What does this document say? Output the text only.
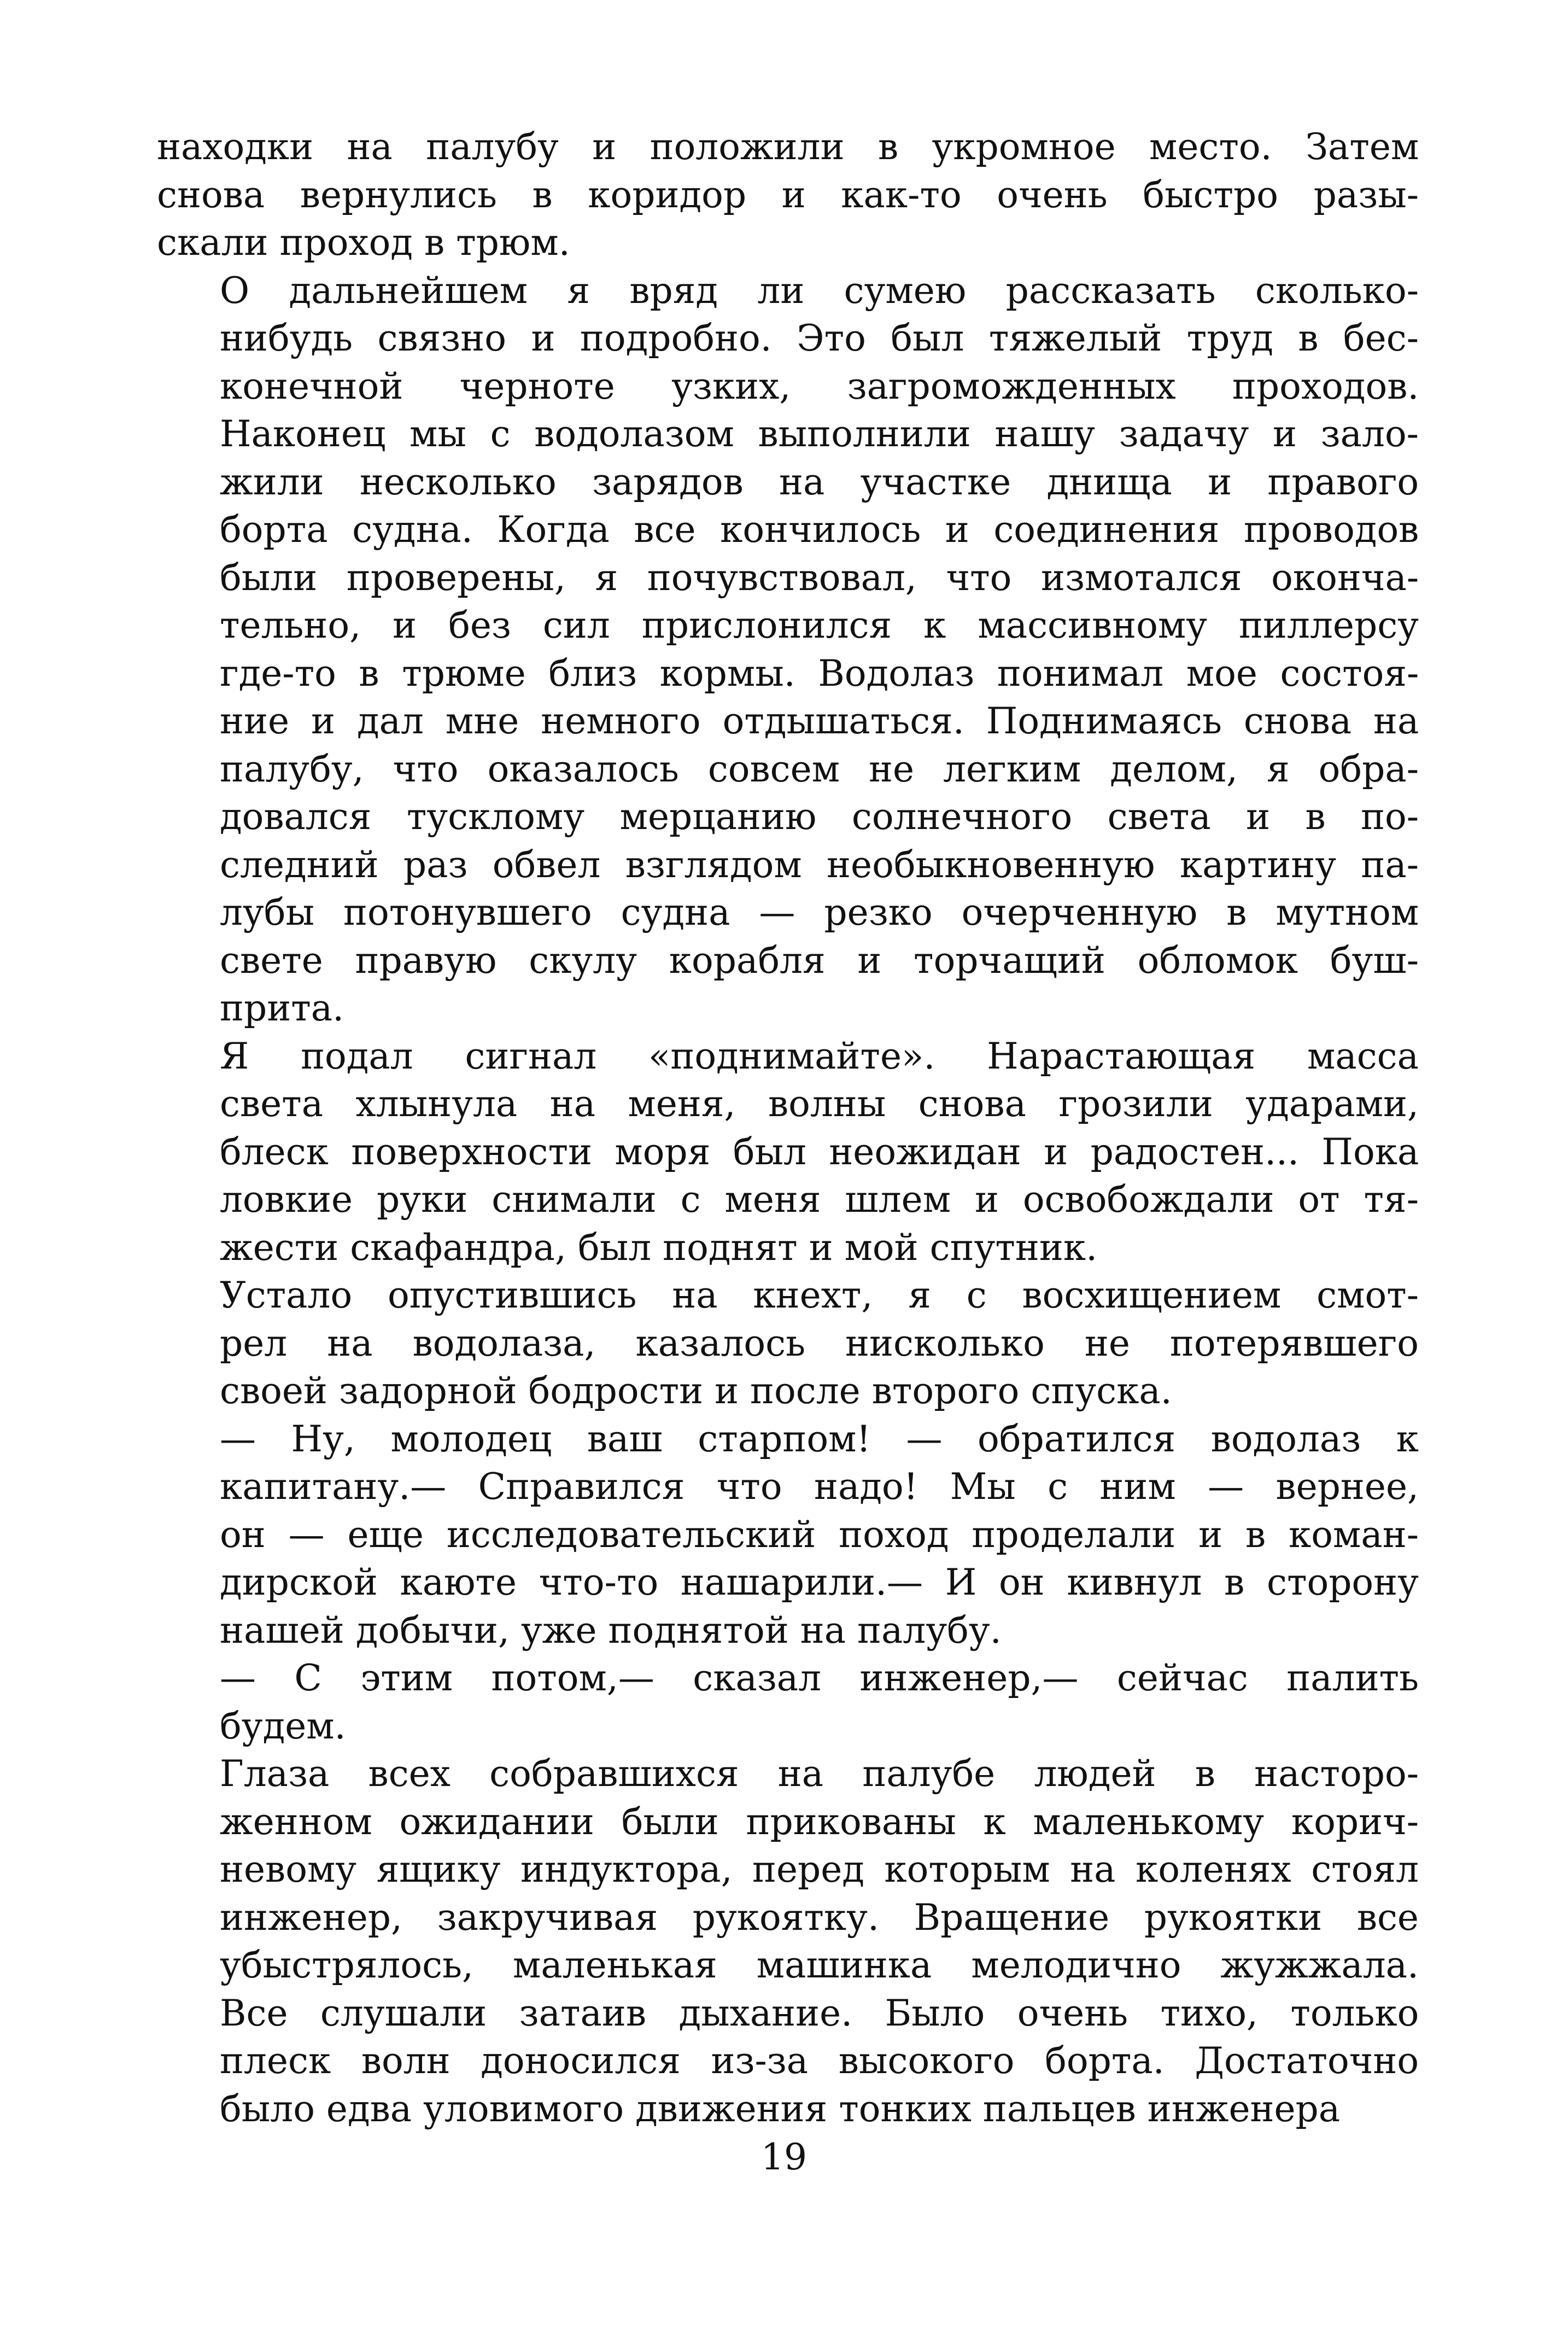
находки на палубу и положили в укромное место. Затем
снова вернулись в коридор и как-то очень быстро разы-
скали проход в трюм.
О дальнейшем я вряд ли сумею рассказать сколько-
нибудь связно и подробно. Это был тяжелый труд в бес-
конечной черноте узких, загроможденных проходов.
Наконец мы с водолазом выполнили нашу задачу и зало-
жили несколько зарядов на участке днища и правого
борта судна. Когда все кончилось и соединения проводов
были проверены, я почувствовал, что измотался оконча-
тельно, и без сил прислонился к массивному пиллерсу
где-то в трюме близ кормы. Водолаз понимал мое состоя-
ние и дал мне немного отдышаться. Поднимаясь снова на
палубу, что оказалось совсем не легким делом, я обра-
довался тусклому мерцанию солнечного света и в по-
следний раз обвел взглядом необыкновенную картину па-
лубы потонувшего судна — резко очерченную в мутном
свете правую скулу корабля и торчащий обломок буш-
прита.
Я подал сигнал «поднимайте». Нарастающая масса
света хлынула на меня, волны снова грозили ударами,
блеск поверхности моря был неожидан и радостен... Пока
ловкие руки снимали с меня шлем и освобождали от тя-
жести скафандра, был поднят и мой спутник.
Устало опустившись на кнехт, я с восхищением смот-
рел на водолаза, казалось нисколько не потерявшего
своей задорной бодрости и после второго спуска.
— Ну, молодец ваш старпом! — обратился водолаз к
капитану.— Справился что надо! Мы с ним — вернее,
он — еще исследовательский поход проделали и в коман-
дирской каюте что-то нашарили.— И он кивнул в сторону
нашей добычи, уже поднятой на палубу.
— С этим потом,— сказал инженер,— сейчас палить
будем.
Глаза всех собравшихся на палубе людей в насторо-
женном ожидании были прикованы к маленькому корич-
невому ящику индуктора, перед которым на коленях стоял
инженер, закручивая рукоятку. Вращение рукоятки все
убыстрялось, маленькая машинка мелодично жужжала.
Все слушали затаив дыхание. Было очень тихо, только
плеск волн доносился из-за высокого борта. Достаточно
было едва уловимого движения тонких пальцев инженера
19
